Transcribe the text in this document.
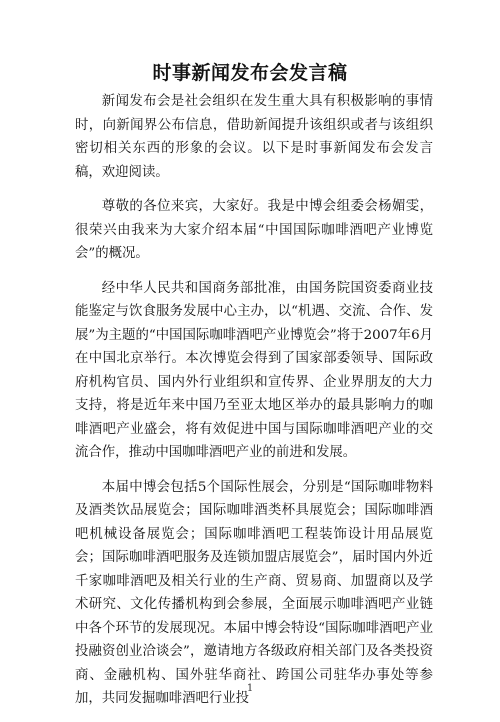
时事新闻发布会发言稿

新闻发布会是社会组织在发生重大具有积极影响的事情时，向新闻界公布信息，借助新闻提升该组织或者与该组织密切相关东西的形象的会议。以下是时事新闻发布会发言稿，欢迎阅读。

尊敬的各位来宾，大家好。我是中博会组委会杨媚雯，很荣兴由我来为大家介绍本届“中国国际咖啡酒吧产业博览会”的概况。

经中华人民共和国商务部批准，由国务院国资委商业技能鉴定与饮食服务发展中心主办，以“机遇、交流、合作、发展”为主题的“中国国际咖啡酒吧产业博览会”将于2007年6月在中国北京举行。本次博览会得到了国家部委领导、国际政府机构官员、国内外行业组织和宣传界、企业界朋友的大力支持，将是近年来中国乃至亚太地区举办的最具影响力的咖啡酒吧产业盛会，将有效促进中国与国际咖啡酒吧产业的交流合作，推动中国咖啡酒吧产业的前进和发展。

本届中博会包括5个国际性展会，分别是“国际咖啡物料及酒类饮品展览会；国际咖啡酒类杯具展览会；国际咖啡酒吧机械设备展览会；国际咖啡酒吧工程装饰设计用品展览会；国际咖啡酒吧服务及连锁加盟店展览会”，届时国内外近千家咖啡酒吧及相关行业的生产商、贸易商、加盟商以及学术研究、文化传播机构到会参展，全面展示咖啡酒吧产业链中各个环节的发展现况。本届中博会特设“国际咖啡酒吧产业投融资创业洽谈会”，邀请地方各级政府相关部门及各类投资商、金融机构、国外驻华商社、跨国公司驻华办事处等参加，共同发掘咖啡酒吧行业投

1
